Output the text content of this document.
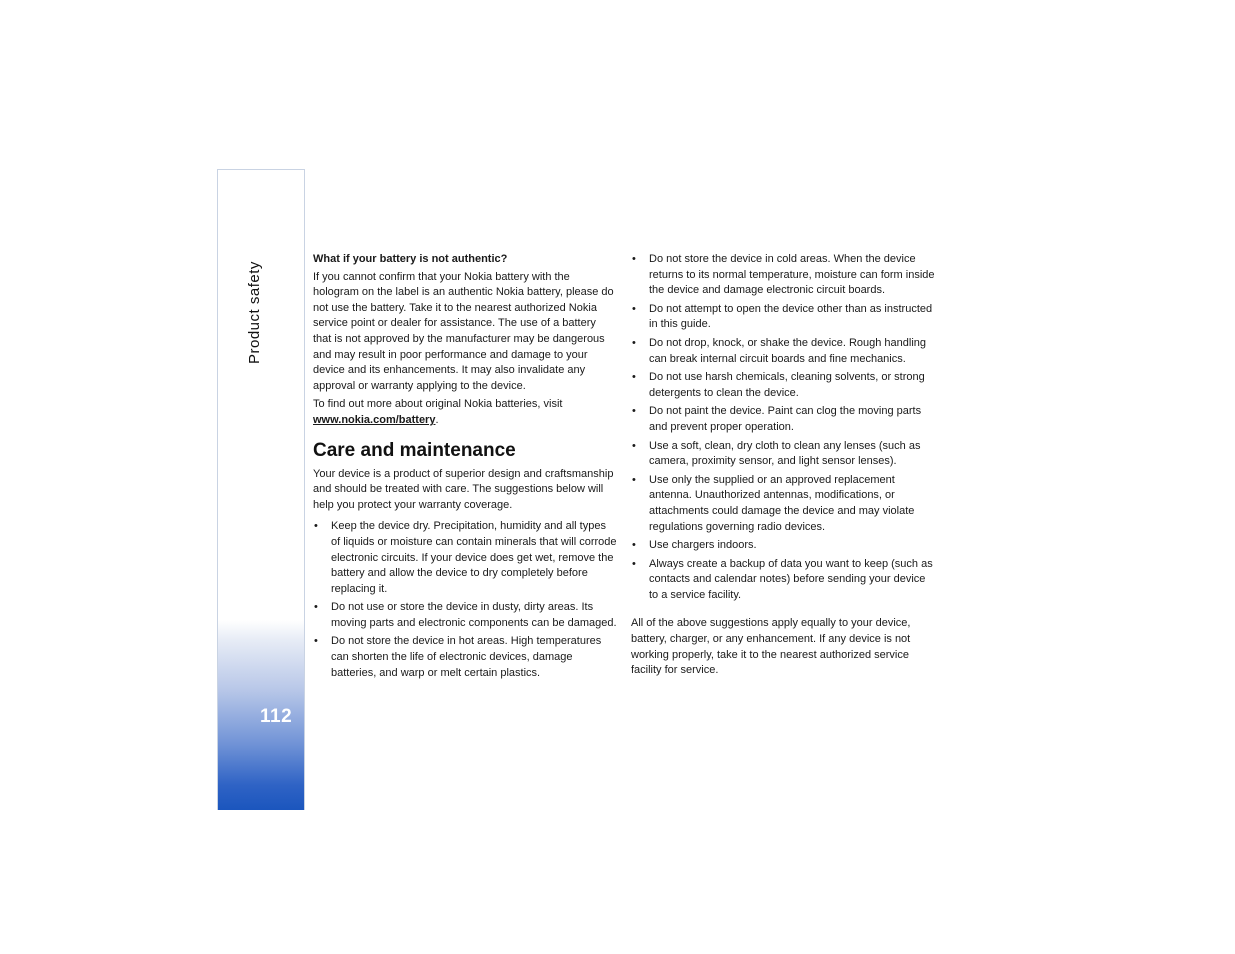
Product safety
112

What if your battery is not authentic?

If you cannot confirm that your Nokia battery with the hologram on the label is an authentic Nokia battery, please do not use the battery. Take it to the nearest authorized Nokia service point or dealer for assistance. The use of a battery that is not approved by the manufacturer may be dangerous and may result in poor performance and damage to your device and its enhancements. It may also invalidate any approval or warranty applying to the device.

To find out more about original Nokia batteries, visit
www.nokia.com/battery.

Care and maintenance

Your device is a product of superior design and craftsmanship and should be treated with care. The suggestions below will help you protect your warranty coverage.

• Keep the device dry. Precipitation, humidity and all types of liquids or moisture can contain minerals that will corrode electronic circuits. If your device does get wet, remove the battery and allow the device to dry completely before replacing it.
• Do not use or store the device in dusty, dirty areas. Its moving parts and electronic components can be damaged.
• Do not store the device in hot areas. High temperatures can shorten the life of electronic devices, damage batteries, and warp or melt certain plastics.
• Do not store the device in cold areas. When the device returns to its normal temperature, moisture can form inside the device and damage electronic circuit boards.
• Do not attempt to open the device other than as instructed in this guide.
• Do not drop, knock, or shake the device. Rough handling can break internal circuit boards and fine mechanics.
• Do not use harsh chemicals, cleaning solvents, or strong detergents to clean the device.
• Do not paint the device. Paint can clog the moving parts and prevent proper operation.
• Use a soft, clean, dry cloth to clean any lenses (such as camera, proximity sensor, and light sensor lenses).
• Use only the supplied or an approved replacement antenna. Unauthorized antennas, modifications, or attachments could damage the device and may violate regulations governing radio devices.
• Use chargers indoors.
• Always create a backup of data you want to keep (such as contacts and calendar notes) before sending your device to a service facility.

All of the above suggestions apply equally to your device, battery, charger, or any enhancement. If any device is not working properly, take it to the nearest authorized service facility for service.
